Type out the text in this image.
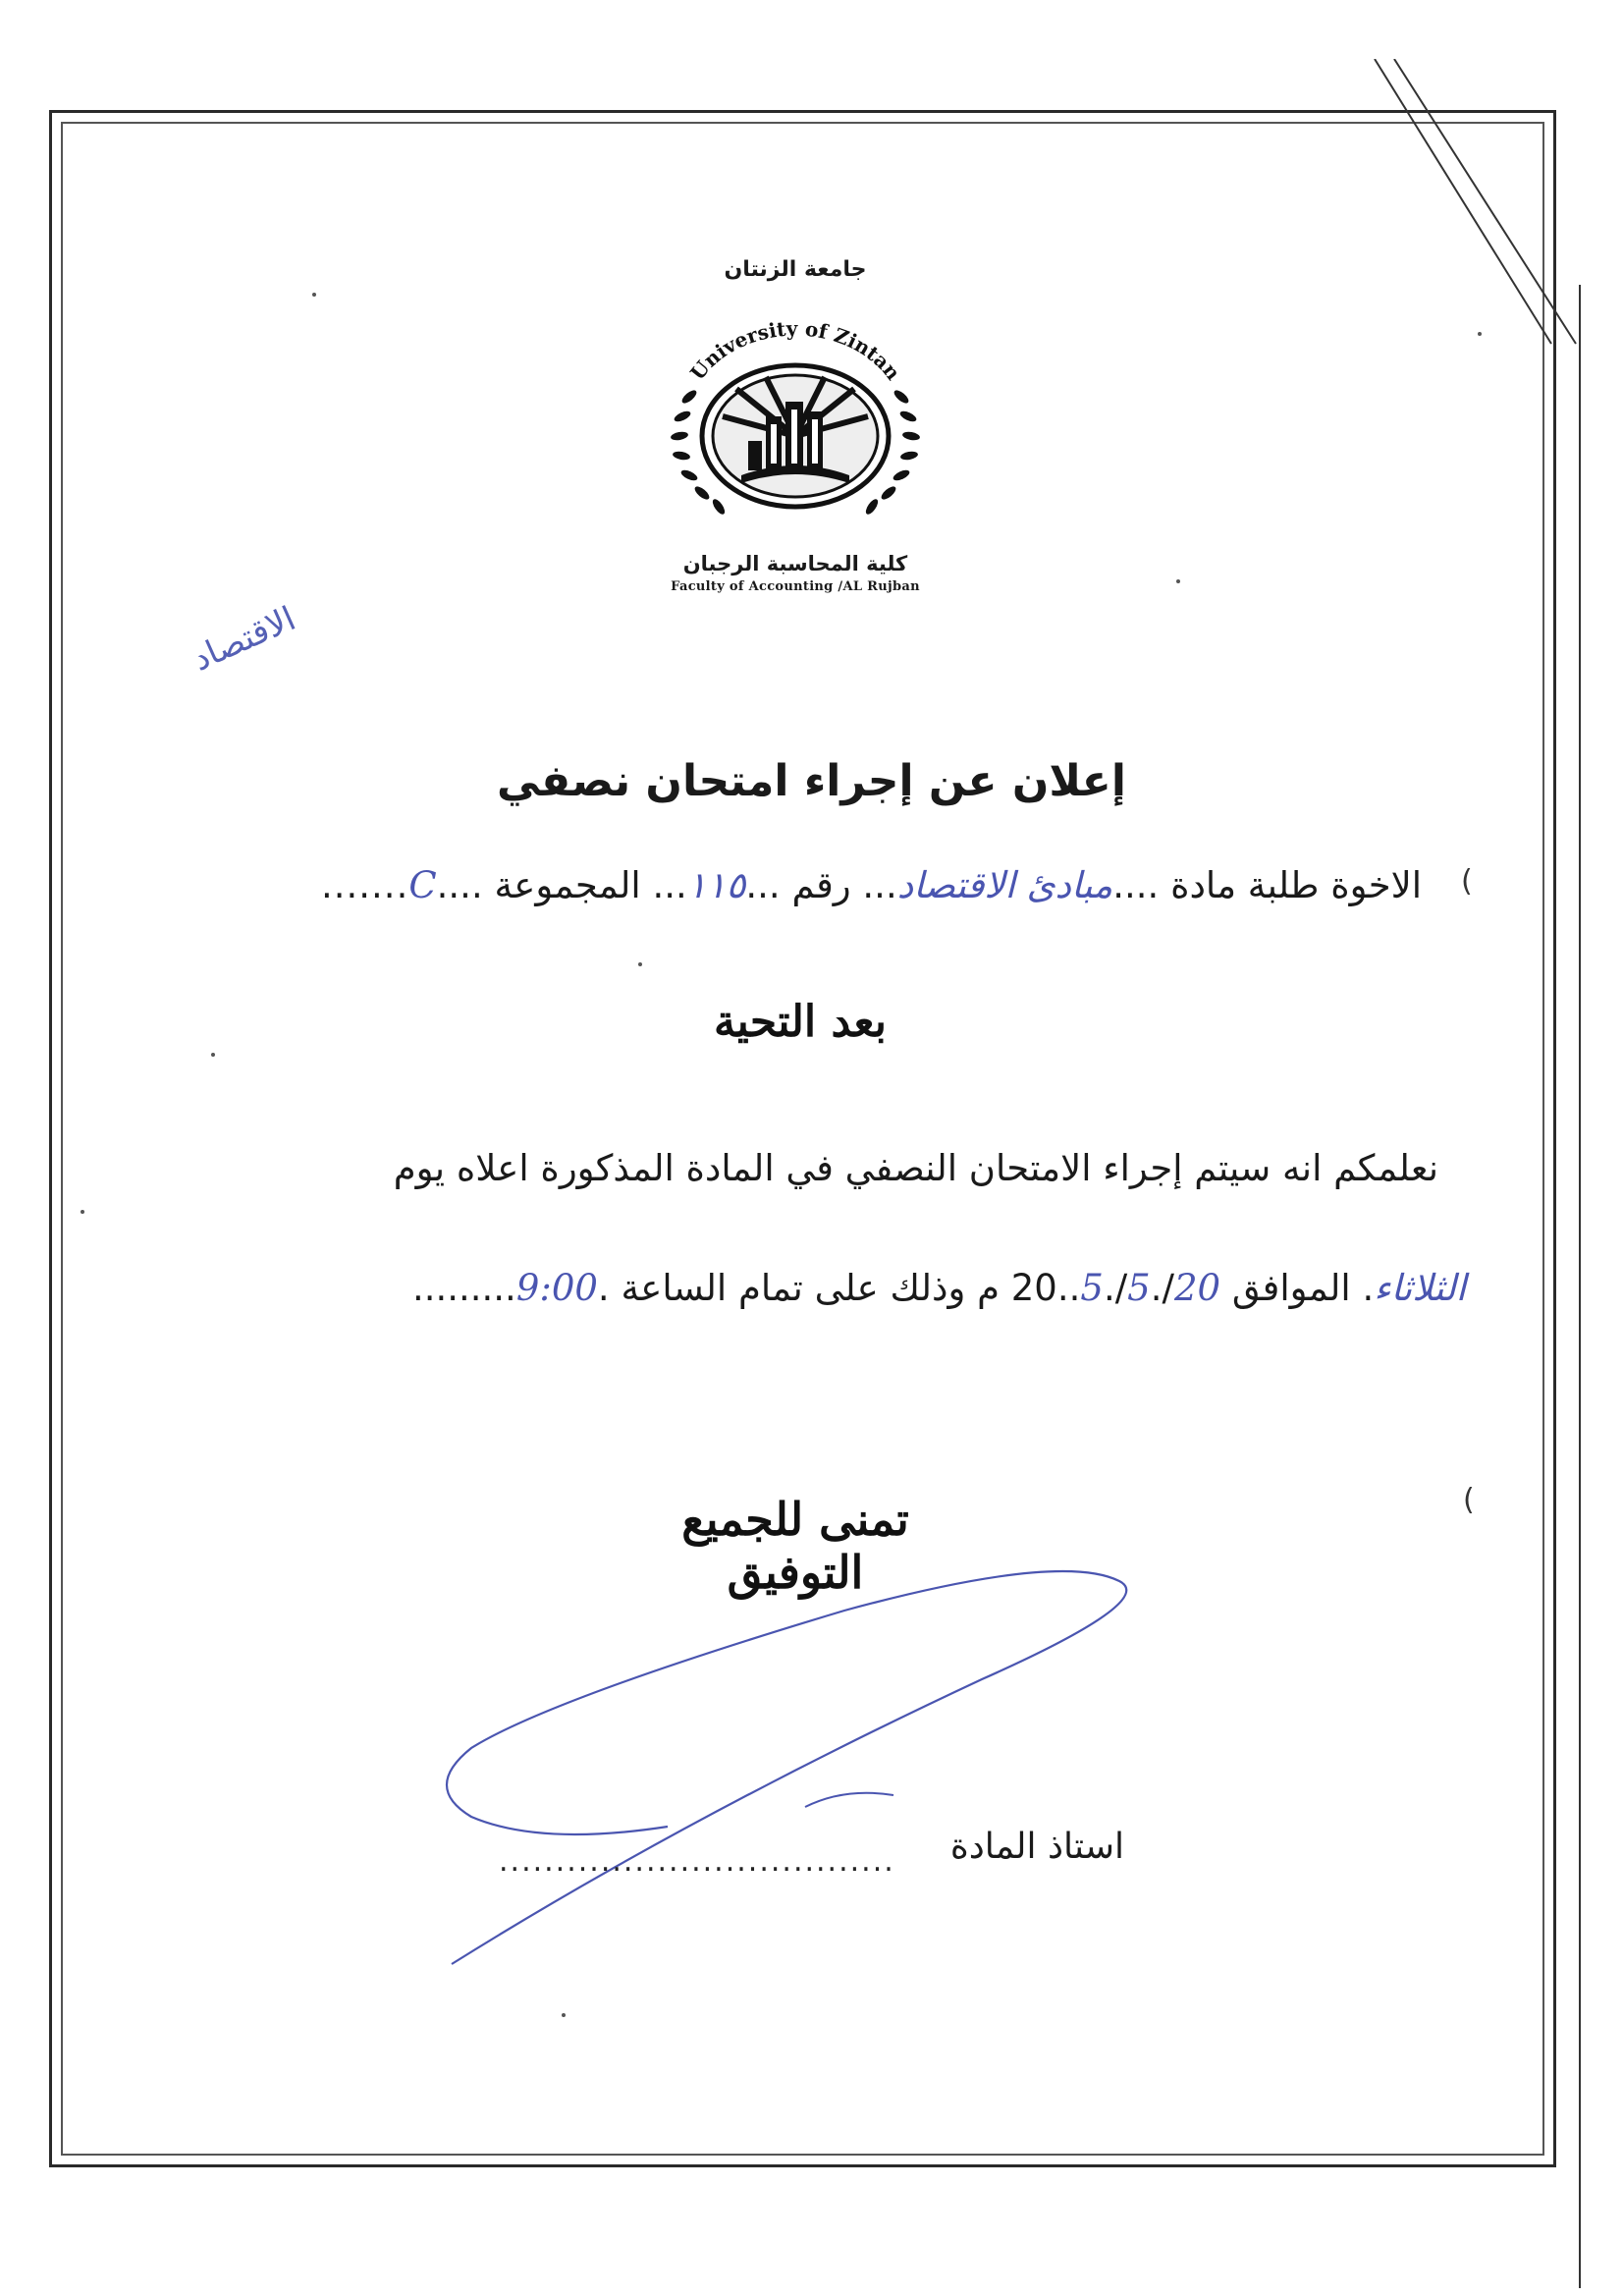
جامعة الزنتان
University of Zintan
كلية المحاسبة الرجبان
Faculty of Accounting /AL Rujban
الاقتصاد
إعلان عن إجراء امتحان نصفي
(
الاخوة طلبة مادة ....مبادئ الاقتصاد... رقم ...١١٥... المجموعة ....C.......
بعد التحية
نعلمكم انه سيتم إجراء الامتحان النصفي في المادة المذكورة اعلاه يوم
الثلاثاء. الموافق 20/.5/.5..20 م وذلك على تمام الساعة .9:00.........
(
تمنى للجميع التوفيق
استاذ المادة
...................................
